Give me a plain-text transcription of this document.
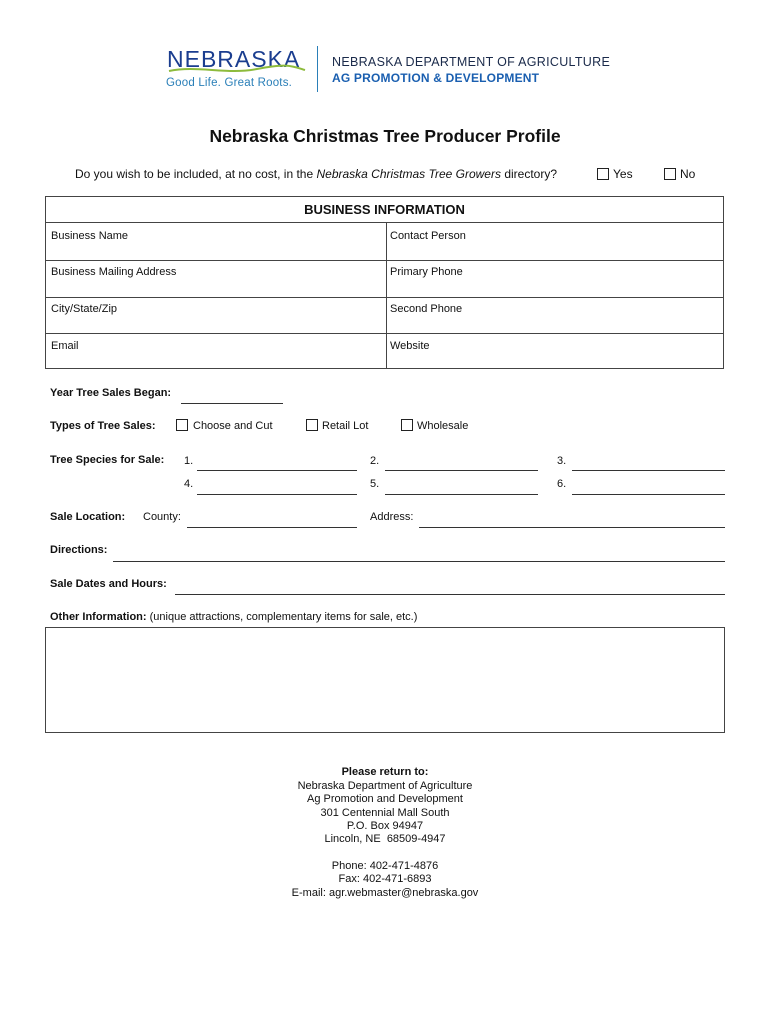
NEBRASKA
Good Life. Great Roots.
NEBRASKA DEPARTMENT OF AGRICULTURE
AG PROMOTION & DEVELOPMENT
Nebraska Christmas Tree Producer Profile
Do you wish to be included, at no cost, in the Nebraska Christmas Tree Growers directory?	Yes	No
BUSINESS INFORMATION
Business Name	Contact Person
Business Mailing Address	Primary Phone
City/State/Zip	Second Phone
Email	Website
Year Tree Sales Began:
Types of Tree Sales:	Choose and Cut	Retail Lot	Wholesale
Tree Species for Sale: 1.	2.	3.
4.	5.	6.
Sale Location: County:	Address:
Directions:
Sale Dates and Hours:
Other Information: (unique attractions, complementary items for sale, etc.)
Please return to:
Nebraska Department of Agriculture
Ag Promotion and Development
301 Centennial Mall South
P.O. Box 94947
Lincoln, NE  68509-4947
Phone: 402-471-4876
Fax: 402-471-6893
E-mail: agr.webmaster@nebraska.gov
